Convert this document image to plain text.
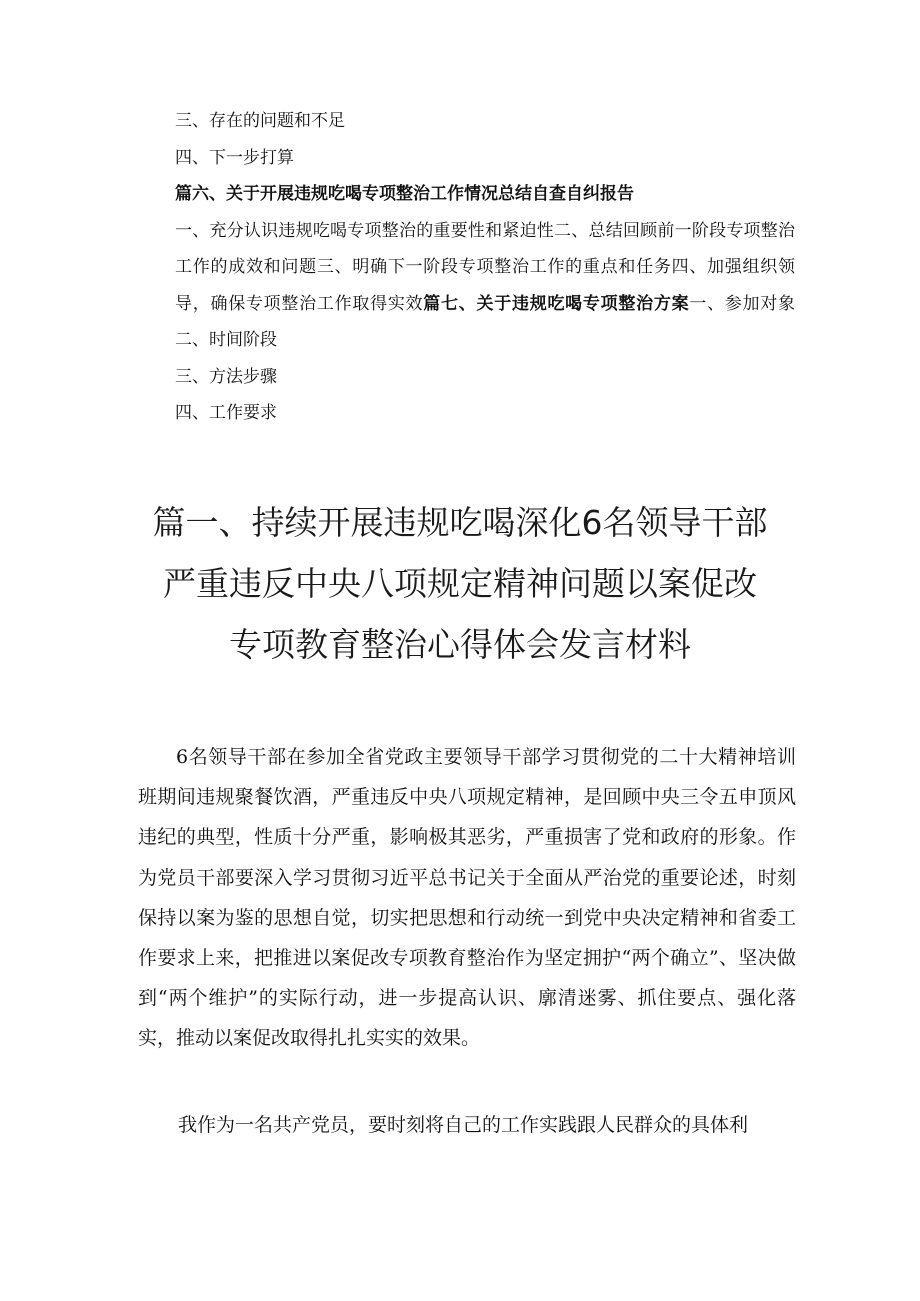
三、存在的问题和不足

四、下一步打算

篇六、关于开展违规吃喝专项整治工作情况总结自查自纠报告

一、充分认识违规吃喝专项整治的重要性和紧迫性二、总结回顾前一阶段专项整治工作的成效和问题三、明确下一阶段专项整治工作的重点和任务四、加强组织领导，确保专项整治工作取得实效篇七、关于违规吃喝专项整治方案一、参加对象二、时间阶段

三、方法步骤

四、工作要求

篇一、持续开展违规吃喝深化6名领导干部
严重违反中央八项规定精神问题以案促改
专项教育整治心得体会发言材料

6名领导干部在参加全省党政主要领导干部学习贯彻党的二十大精神培训班期间违规聚餐饮酒，严重违反中央八项规定精神，是回顾中央三令五申顶风违纪的典型，性质十分严重，影响极其恶劣，严重损害了党和政府的形象。作为党员干部要深入学习贯彻习近平总书记关于全面从严治党的重要论述，时刻保持以案为鉴的思想自觉，切实把思想和行动统一到党中央决定精神和省委工作要求上来，把推进以案促改专项教育整治作为坚定拥护“两个确立”、坚决做到“两个维护”的实际行动，进一步提高认识、廓清迷雾、抓住要点、强化落实，推动以案促改取得扎扎实实的效果。

我作为一名共产党员，要时刻将自己的工作实践跟人民群众的具体利
